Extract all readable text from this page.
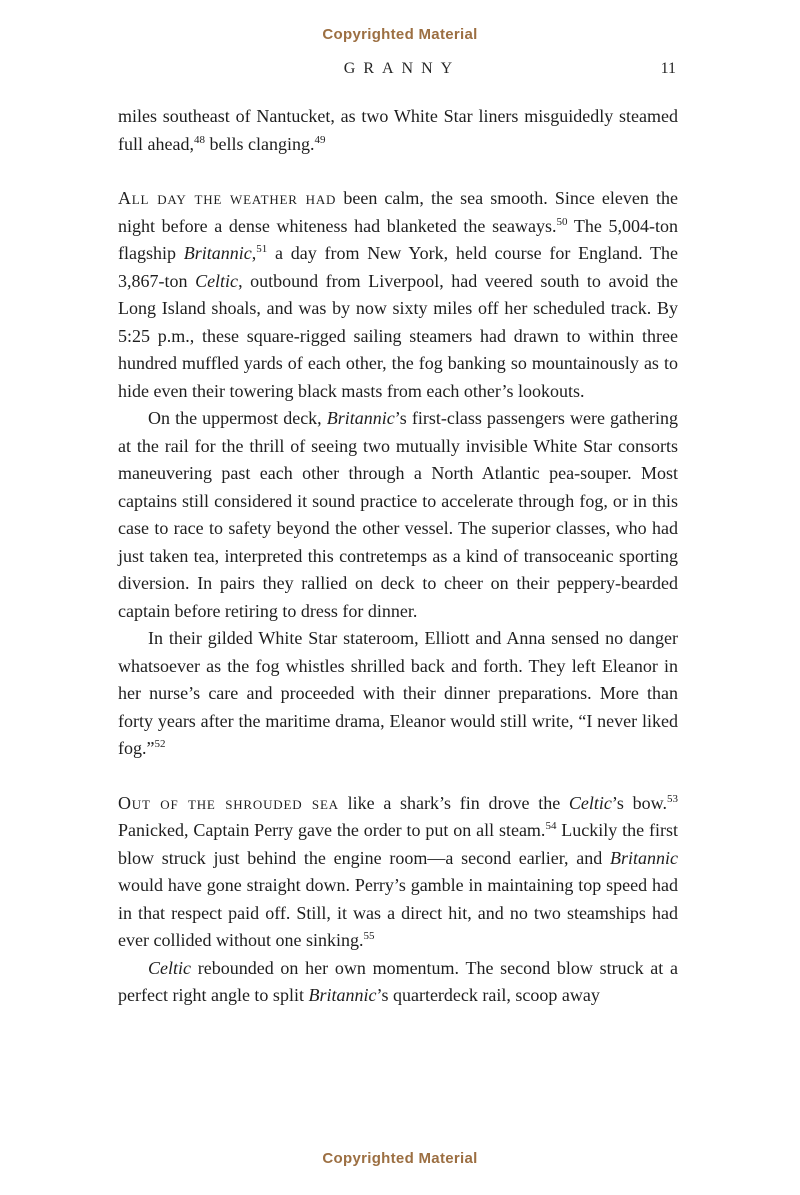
Copyrighted Material
GRANNY	11

miles southeast of Nantucket, as two White Star liners misguidedly steamed full ahead,$^{48}$ bells clanging.$^{49}$

All day the weather had been calm, the sea smooth. Since eleven the night before a dense whiteness had blanketed the seaways.$^{50}$ The 5,004-ton flagship Britannic,$^{51}$ a day from New York, held course for England. The 3,867-ton Celtic, outbound from Liverpool, had veered south to avoid the Long Island shoals, and was by now sixty miles off her scheduled track. By 5:25 p.m., these square-rigged sailing steamers had drawn to within three hundred muffled yards of each other, the fog banking so mountainously as to hide even their towering black masts from each other’s lookouts.

On the uppermost deck, Britannic’s first-class passengers were gathering at the rail for the thrill of seeing two mutually invisible White Star consorts maneuvering past each other through a North Atlantic pea-souper. Most captains still considered it sound practice to accelerate through fog, or in this case to race to safety beyond the other vessel. The superior classes, who had just taken tea, interpreted this contretemps as a kind of transoceanic sporting diversion. In pairs they rallied on deck to cheer on their peppery-bearded captain before retiring to dress for dinner.

In their gilded White Star stateroom, Elliott and Anna sensed no danger whatsoever as the fog whistles shrilled back and forth. They left Eleanor in her nurse’s care and proceeded with their dinner preparations. More than forty years after the maritime drama, Eleanor would still write, “I never liked fog.”$^{52}$

Out of the shrouded sea like a shark’s fin drove the Celtic’s bow.$^{53}$ Panicked, Captain Perry gave the order to put on all steam.$^{54}$ Luckily the first blow struck just behind the engine room—a second earlier, and Britannic would have gone straight down. Perry’s gamble in maintaining top speed had in that respect paid off. Still, it was a direct hit, and no two steamships had ever collided without one sinking.$^{55}$

Celtic rebounded on her own momentum. The second blow struck at a perfect right angle to split Britannic’s quarterdeck rail, scoop away

Copyrighted Material
